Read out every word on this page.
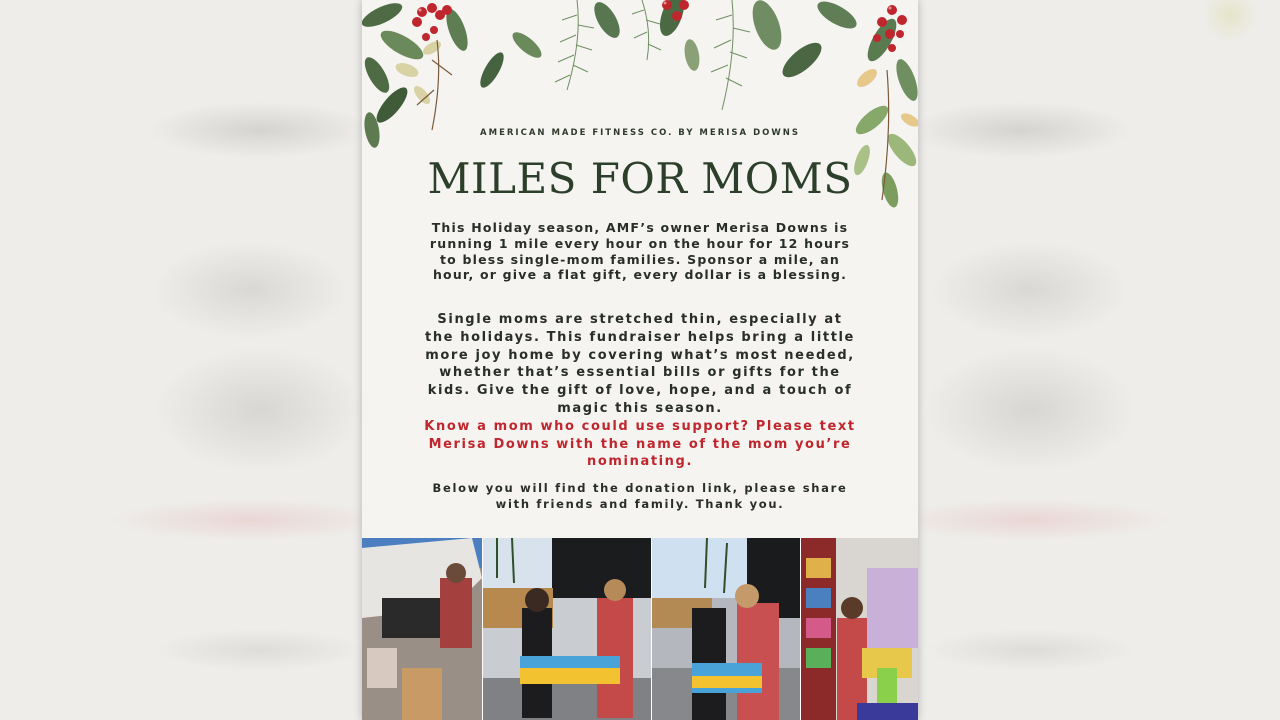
AMERICAN MADE FITNESS CO. BY MERISA DOWNS
MILES FOR MOMS
This Holiday season, AMF’s owner Merisa Downs is running 1 mile every hour on the hour for 12 hours to bless single-mom families. Sponsor a mile, an hour, or give a flat gift, every dollar is a blessing.
Single moms are stretched thin, especially at the holidays. This fundraiser helps bring a little more joy home by covering what’s most needed, whether that’s essential bills or gifts for the kids. Give the gift of love, hope, and a touch of magic this season.
Know a mom who could use support? Please text Merisa Downs with the name of the mom you’re nominating.
Below you will find the donation link, please share
with friends and family. Thank you.
